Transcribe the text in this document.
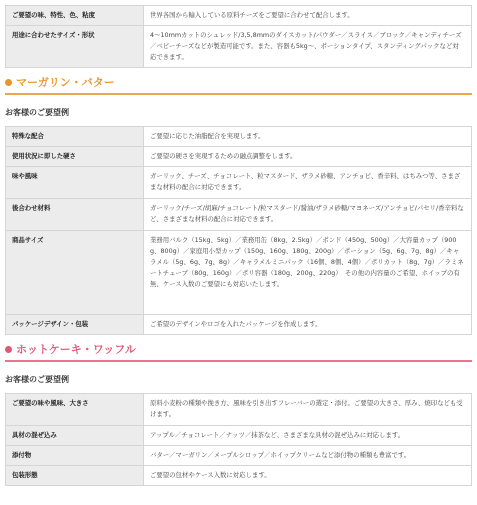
ご要望の味、特性、色、粘度	世界各国から輸入している原料チーズをご要望に合わせて配合します。
用途に合わせたサイズ・形状	4～10mmカットのシュレッド/3,5,8mmのダイスカット/パウダー／スライス／ブロック／キャンディチーズ／ベビーチーズなどが製造可能です。また、容器も5kg～、ポーションタイプ、スタンディングパックなど対応できます。
マーガリン・バター
お客様のご要望例
特殊な配合	ご要望に応じた油脂配合を実現します。
使用状況に即した硬さ	ご要望の硬さを実現するための融点調整をします。
味や風味	ガーリック、チーズ、チョコレート、粒マスタード、ザラメ砂糖、アンチョビ、香辛料、はちみつ等、さまざまな材料の配合に対応できます。
後合わせ材料	ガーリック/チーズ/胡麻/チョコレート/粒マスタード/醤油/ザラメ砂糖/マヨネーズ/アンチョビ/パセリ/香辛料など、さまざまな材料の配合に対応できます。
商品サイズ	業務用バルク（15kg、5kg）／業務用缶（8kg、2.5kg）／ポンド（450g、500g）／大容量カップ（900g、800g）／家庭用小型カップ（150g、160g、180g、200g）／ポーション（5g、6g、7g、8g）／キャラメル（5g、6g、7g、8g）／キャラメルミニパック（16個、8個、4個）／ポリカット（8g、7g）／ラミネートチューブ（80g、160g）／ポリ容器（180g、200g、220g）　その他の内容量のご希望、ホイップの有無、ケース入数のご要望にも対応いたします。
パッケージデザイン・包装	ご希望のデザインやロゴを入れたパッケージを作成します。
ホットケーキ・ワッフル
お客様のご要望例
ご要望の味や風味、大きさ	原料小麦粉の種類や挽き方、風味を引き出すフレーバーの選定・添付。ご要望の大きさ、厚み、焼印なども受けます。
具材の混ぜ込み	アップル／チョコレート／ナッツ／抹茶など、さまざまな具材の混ぜ込みに対応します。
添付物	バター／マーガリン／メープルシロップ／ホイップクリームなど添付物の種類も豊富です。
包装形態	ご要望の包材やケース入数に対応します。
